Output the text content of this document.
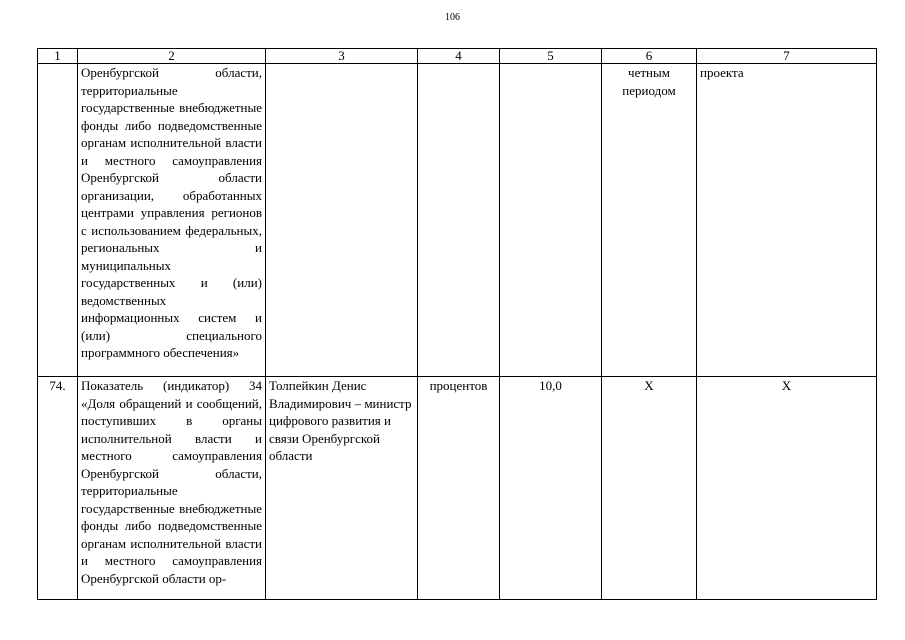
106
1	2	3	4	5	6	7
	Оренбургской области, территориальные государственные внебюджетные фонды либо подведомственные органам исполнительной власти и местного самоуправления Оренбургской области организации, обработанных центрами управления регионов с использованием федеральных, региональных и муниципальных государственных и (или) ведомственных информационных систем и (или) специального программного обеспечения»				четным периодом	проекта
74.	Показатель (индикатор) 34 «Доля обращений и сообщений, поступивших в органы исполнительной власти и местного самоуправления Оренбургской области, территориальные государственные внебюджетные фонды либо подведомственные органам исполнительной власти и местного самоуправления Оренбургской области ор-	Толпейкин Денис Владимирович – министр цифрового развития и связи Оренбургской области	процентов	10,0	Х	Х
